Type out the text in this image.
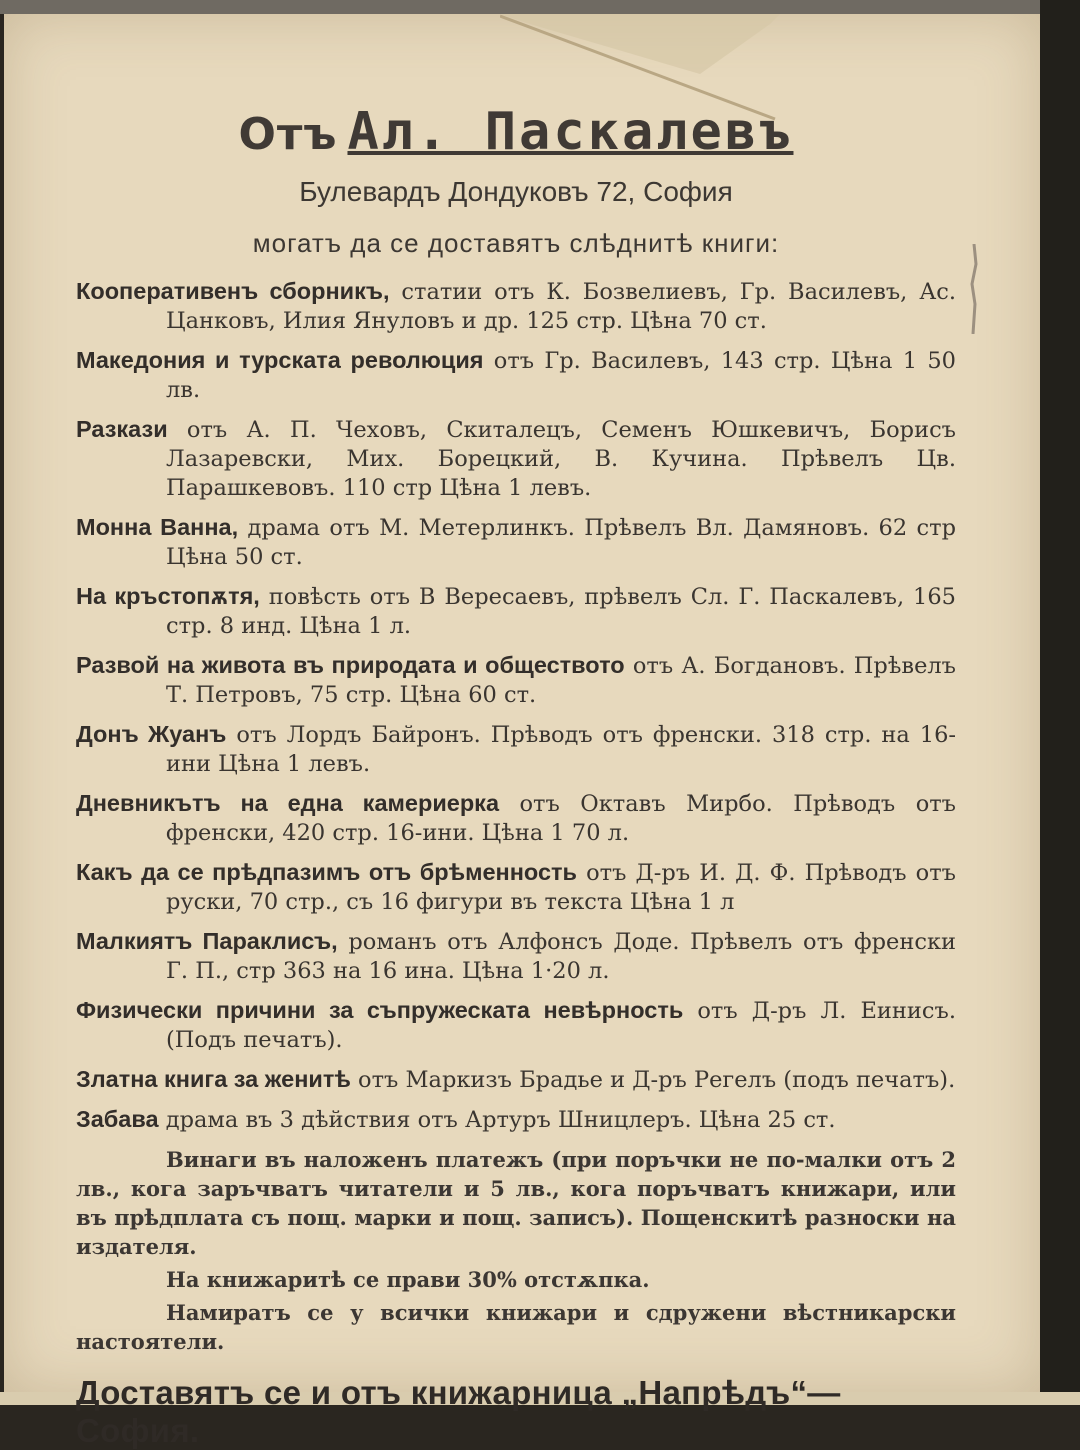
Отъ Ал. Пaскaлевъ
Булевардъ Дондуковъ 72, София
могатъ да се доставятъ слѣднитѣ книги:
Кооперативенъ сборникъ, статии отъ К. Бозвелиевъ, Гр. Василевъ, Ас. Цанковъ, Илия Януловъ и др. 125 стр. Цѣна 70 ст.
Македония и турската революция отъ Гр. Василевъ, 143 стр. Цѣна 1 50 лв.
Разкази отъ А. П. Чеховъ, Скиталецъ, Семенъ Юшкевичъ, Борисъ Лазаревски, Мих. Борецкий, В. Кучина. Прѣвелъ Цв. Парашкевовъ. 110 стр Цѣна 1 левъ.
Монна Ванна, драма отъ М. Метерлинкъ. Прѣвелъ Вл. Дамяновъ. 62 стр Цѣна 50 ст.
На кръстопѫтя, повѣсть отъ В Вересаевъ, прѣвелъ Сл. Г. Паскалевъ, 165 стр. 8 инд. Цѣна 1 л.
Развой на живота въ природата и обществото отъ А. Богдановъ. Прѣвелъ Т. Петровъ, 75 стр. Цѣна 60 ст.
Донъ Жуанъ отъ Лордъ Байронъ. Прѣводъ отъ френски. 318 стр. на 16-ини Цѣна 1 левъ.
Дневникътъ на една камериерка отъ Октавъ Мирбо. Прѣводъ отъ френски, 420 стр. 16-ини. Цѣна 1 70 л.
Какъ да се прѣдпазимъ отъ брѣменность отъ Д-ръ И. Д. Ф. Прѣводъ отъ руски, 70 стр., съ 16 фигури въ текста Цѣна 1 л
Малкиятъ Параклисъ, романъ отъ Алфонсъ Доде. Прѣвелъ отъ френски Г. П., стр 363 на 16 ина. Цѣна 1·20 л.
Физически причини за съпружеската невѣрность отъ Д-ръ Л. Еинисъ. (Подъ печатъ).
Златна книга за женитѣ отъ Маркизъ Брадье и Д-ръ Регелъ (подъ печатъ).
Забава драма въ 3 дѣйствия отъ Артуръ Шницлеръ. Цѣна 25 ст.
Винаги въ наложенъ платежъ (при поръчки не по-малки отъ 2 лв., кога заръчватъ читатели и 5 лв., кога поръчватъ книжари, или въ прѣдплата съ пощ. марки и пощ. записъ). Пощенскитѣ разноски на издателя.
На книжаритѣ се прави 30% отстѫпка.
Намиратъ се у всички книжари и сдружени вѣстникарски настоятели.
Доставятъ се и отъ книжарница „Напрѣдъ“—София.
